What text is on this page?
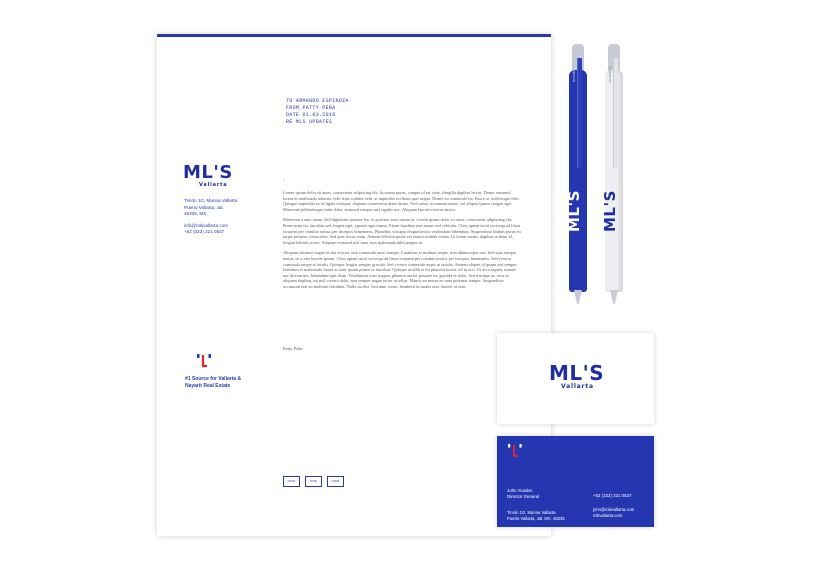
TO ARMANDO ESPINOZA
FROM PATTY PEÑA
DATE 01.03.2016
RE MLS UPDATES
ML'S
Vallarta

Timón 1G, Marina Vallarta

Puerto Vallarta, Jal.

48335, MX.

info@mlsvallarta.com

+52 (322) 221 0537

,

Lorem ipsum dolor sit amet, consectetur adipiscing elit. In massa purus, congue id est vitae, fringilla dapibus lectus. Donec euismod, lorem in malesuada lobortis, velit risus sodales velit, at imperdiet est diam quis neque. Donec eu commodo est. Fusce ac scelerisque velit. Quisque imperdiet ex id ligula tristique, aliquam consectetur diam luctus. Sed cursus accumsan metus, vel aliquet ipsum congue eget. Maecenas pellentesque enim dolor, euismod tempus nisl sagittis nec. Aliquam laoreet viverra auctor.

Maecenas a ante quam. Sed dignissim posuere leo, et porttitor erat rutrum ut. Lorem ipsum dolor sit amet, consectetur adipiscing elit. Proin enim est, faucibus sed feugiat eget, egestas eget massa. Etiam faucibus non metus sed vehicula. Class aptent taciti sociosqu ad litora torquent per conubia nostra, per inceptos himenaeos. Phasellus volutpat feugiat lectus vestibulum bibendum. Suspendisse finibus purus eu turpis posuere consectetur. Sed quis lectus enim. Aenean efficitur purus vel massa sodales varius. Ut lorem metus, dapibus in diam id, feugiat lobortis tortor. Aliquam euismod nisl urna, non malesuada nibh tempor in.

Aliquam euismod augue in dui viverra, non commodo nunc semper. Curabitur a tincidunt neque, non ullamcorper nisi. Sed quis semper metus, sit a met laoreet ipsum. Class aptent taciti sociosqu ad litora torquent per conubia nostra, per inceptos himenaeos. Sed viverra commodo neque et iaculis. Quisque feugiat semper gravida. Sed viverra commodo turpis ut iaculis. Aenean aliquet id ipsum sed semper. Interdum et malesuada fames ac ante ipsum primis in faucibus. Quisque ut nibh et est pharetra luctus vel in orci. Ut arcu sapien, rutrum nec dictum nec, bibendum eget diam. Vestibulum risus magna, pharetra auctor posuere eu, gravida et dolor. Sed tristique ac, eros id aliquam dapibus, mi nisl viverra dolor, non semper augue tortor ut tellus. Mauris eu massa eu urna pulvinar tempor. Suspendisse accumsan erat eu molestie tincidunt. Nulla facilisi. Sed nunc tortor, hendrerit in mattis non, laoreet ut sem.

Patty Peña
#1 Source for Vallarta &
Nayarit Real Estate
FROM	DATE	ITEMS
branding
ML'S
branding
ML'S
ML'S
Vallarta
John Youden
Director General
Timón 1G, Marina Vallarta
Puerto Vallarta, Jal. MX. 48335
+52 (322) 221 0537
john@mlsvallarta.com
mlsvallarta.com
